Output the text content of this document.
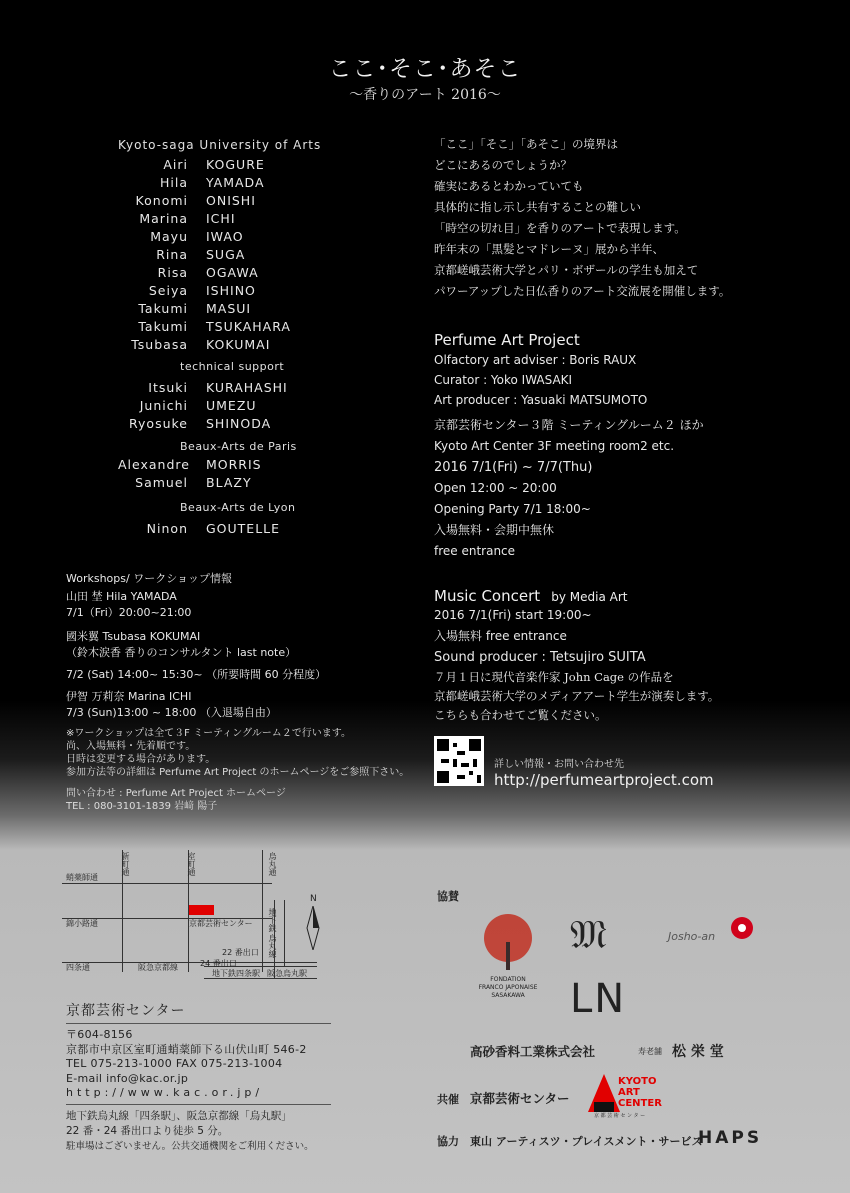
ここ･そこ･あそこ
〜香りのアート 2016〜
Kyoto-saga University of Arts
Airi	KOGURE
Hila	YAMADA
Konomi	ONISHI
Marina	ICHI
Mayu	IWAO
Rina	SUGA
Risa	OGAWA
Seiya	ISHINO
Takumi	MASUI
Takumi	TSUKAHARA
Tsubasa	KOKUMAI
technical support
Itsuki	KURAHASHI
Junichi	UMEZU
Ryosuke	SHINODA
Beaux-Arts de Paris
Alexandre	MORRIS
Samuel	BLAZY
Beaux-Arts de Lyon
Ninon	GOUTELLE
「ここ」「そこ」「あそこ」の境界は
どこにあるのでしょうか？
確実にあるとわかっていても
具体的に指し示し共有することの難しい
「時空の切れ目」を香りのアートで表現します。
昨年末の「黒髪とマドレーヌ」展から半年、
京都嵯峨芸術大学とパリ・ボザールの学生も加えて
パワーアップした日仏香りのアート交流展を開催します。
Perfume Art Project
Olfactory art adviser : Boris RAUX
Curator : Yoko IWASAKI
Art producer : Yasuaki MATSUMOTO
京都芸術センター３階 ミーティングルーム２ ほか
Kyoto Art Center 3F meeting room2 etc.
2016 7/1(Fri) ~ 7/7(Thu)
Open 12:00 ~ 20:00
Opening Party 7/1 18:00~
入場無料・会期中無休
free entrance
Music Concert by Media Art
2016 7/1(Fri) start 19:00~
入場無料 free entrance
Sound producer : Tetsujiro SUITA
７月１日に現代音楽作家 John Cage の作品を
京都嵯峨芸術大学のメディアアート学生が演奏します。
こちらも合わせてご覧ください。
詳しい情報・お問い合わせ先
http://perfumeartproject.com
Workshops/ ワークショップ情報
山田 埜 Hila YAMADA
7/1（Fri）20:00~21:00
國米翼 Tsubasa KOKUMAI
（鈴木涙香 香りのコンサルタント last note）
7/2 (Sat) 14:00~ 15:30~ （所要時間 60 分程度）
伊智 万莉奈 Marina ICHI
7/3 (Sun)13:00 ~ 18:00 （入退場自由）
※ワークショップは全て３F ミーティングルーム２で行います。
尚、入場無料・先着順です。
日時は変更する場合があります。
参加方法等の詳細は Perfume Art Project のホームページをご参照下さい。
問い合わせ : Perfume Art Project ホームページ
TEL : 080-3101-1839 岩﨑 陽子
新町通	室町通	烏丸通
蛸薬師通
錦小路通
四条通
京都芸術センター 地下鉄
烏丸線
22 番出口
24 番出口
阪急京都線
地下鉄四条駅 阪急烏丸駅
N
京都芸術センター
〒604-8156
京都市中京区室町通蛸薬師下る山伏山町 546-2
TEL 075-213-1000 FAX 075-213-1004
E-mail info@kac.or.jp
http://www.kac.or.jp/
地下鉄烏丸線「四条駅」、阪急京都線「烏丸駅」
22 番・24 番出口より徒歩 5 分。
駐車場はございません。公共交通機関をご利用ください。
協賛
FONDATION FRANCO JAPONAISE SASAKAWA
𝔐	Josho-an
LN
高砂香料工業株式会社	寿老舗 松 栄 堂
共催 京都芸術センター
KYOTO
ART
CENTER
京 都 芸 術 セ ン タ ー
協力 東山 アーティスツ・プレイスメント・サービス
HAPS
